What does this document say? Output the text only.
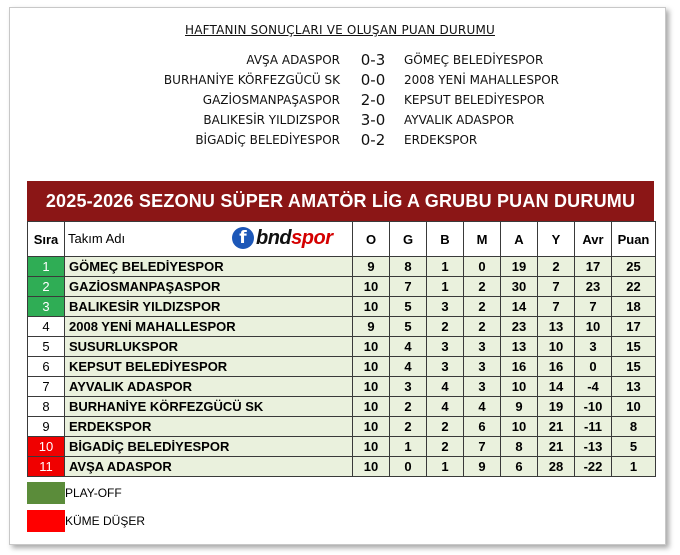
HAFTANIN SONUÇLARI VE OLUŞAN PUAN DURUMU
AVŞA ADASPOR 0-3	GÖMEÇ BELEDİYESPOR
BURHANİYE KÖRFEZGÜCÜ SK 0-0	2008 YENİ MAHALLESPOR
GAZİOSMANPAŞASPOR 2-0	KEPSUT BELEDİYESPOR
BALIKESİR YILDIZSPOR 3-0	AYVALIK ADASPOR
BİGADİÇ BELEDİYESPOR 0-2	ERDEKSPOR
2025-2026 SEZONU SÜPER AMATÖR LİG A GRUBU PUAN DURUMU
Sıra	Takım Adı f bndspor	O	G	B	M	A	Y	Avr	Puan
1	GÖMEÇ BELEDİYESPOR	9	8	1	0	19	2	17	25
2	GAZİOSMANPAŞASPOR	10	7	1	2	30	7	23	22
3	BALIKESİR YILDIZSPOR	10	5	3	2	14	7	7	18
4	2008 YENİ MAHALLESPOR	9	5	2	2	23	13	10	17
5	SUSURLUKSPOR	10	4	3	3	13	10	3	15
6	KEPSUT BELEDİYESPOR	10	4	3	3	16	16	0	15
7	AYVALIK ADASPOR	10	3	4	3	10	14	-4	13
8	BURHANİYE KÖRFEZGÜCÜ SK	10	2	4	4	9	19	-10	10
9	ERDEKSPOR	10	2	2	6	10	21	-11	8
10	BİGADİÇ BELEDİYESPOR	10	1	2	7	8	21	-13	5
11	AVŞA ADASPOR	10	0	1	9	6	28	-22	1
PLAY-OFF
KÜME DÜŞER
